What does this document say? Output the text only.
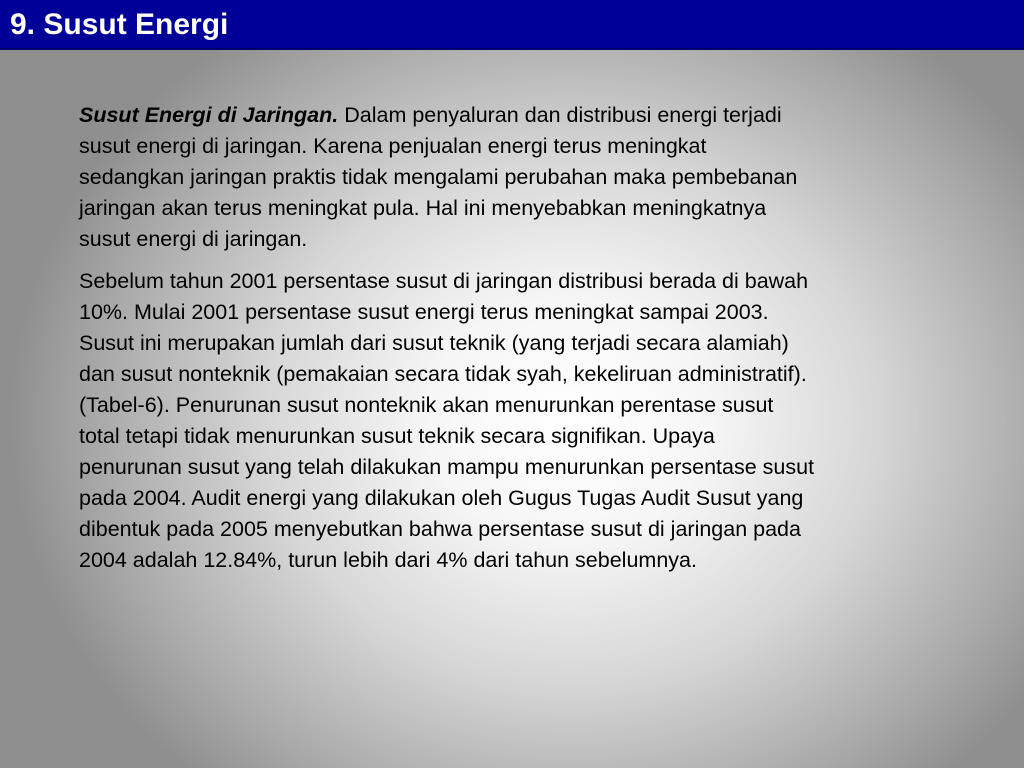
9. Susut Energi

Susut Energi di Jaringan. Dalam penyaluran dan distribusi energi terjadi
susut energi di jaringan. Karena penjualan energi terus meningkat
sedangkan jaringan praktis tidak mengalami perubahan maka pembebanan
jaringan akan terus meningkat pula. Hal ini menyebabkan meningkatnya
susut energi di jaringan.

Sebelum tahun 2001 persentase susut di jaringan distribusi berada di bawah
10%. Mulai 2001 persentase susut energi terus meningkat sampai 2003.
Susut ini merupakan jumlah dari susut teknik (yang terjadi secara alamiah)
dan susut nonteknik (pemakaian secara tidak syah, kekeliruan administratif).
(Tabel-6). Penurunan susut nonteknik akan menurunkan perentase susut
total tetapi tidak menurunkan susut teknik secara signifikan. Upaya
penurunan susut yang telah dilakukan mampu menurunkan persentase susut
pada 2004. Audit energi yang dilakukan oleh Gugus Tugas Audit Susut yang
dibentuk pada 2005 menyebutkan bahwa persentase susut di jaringan pada
2004 adalah 12.84%, turun lebih dari 4% dari tahun sebelumnya.
